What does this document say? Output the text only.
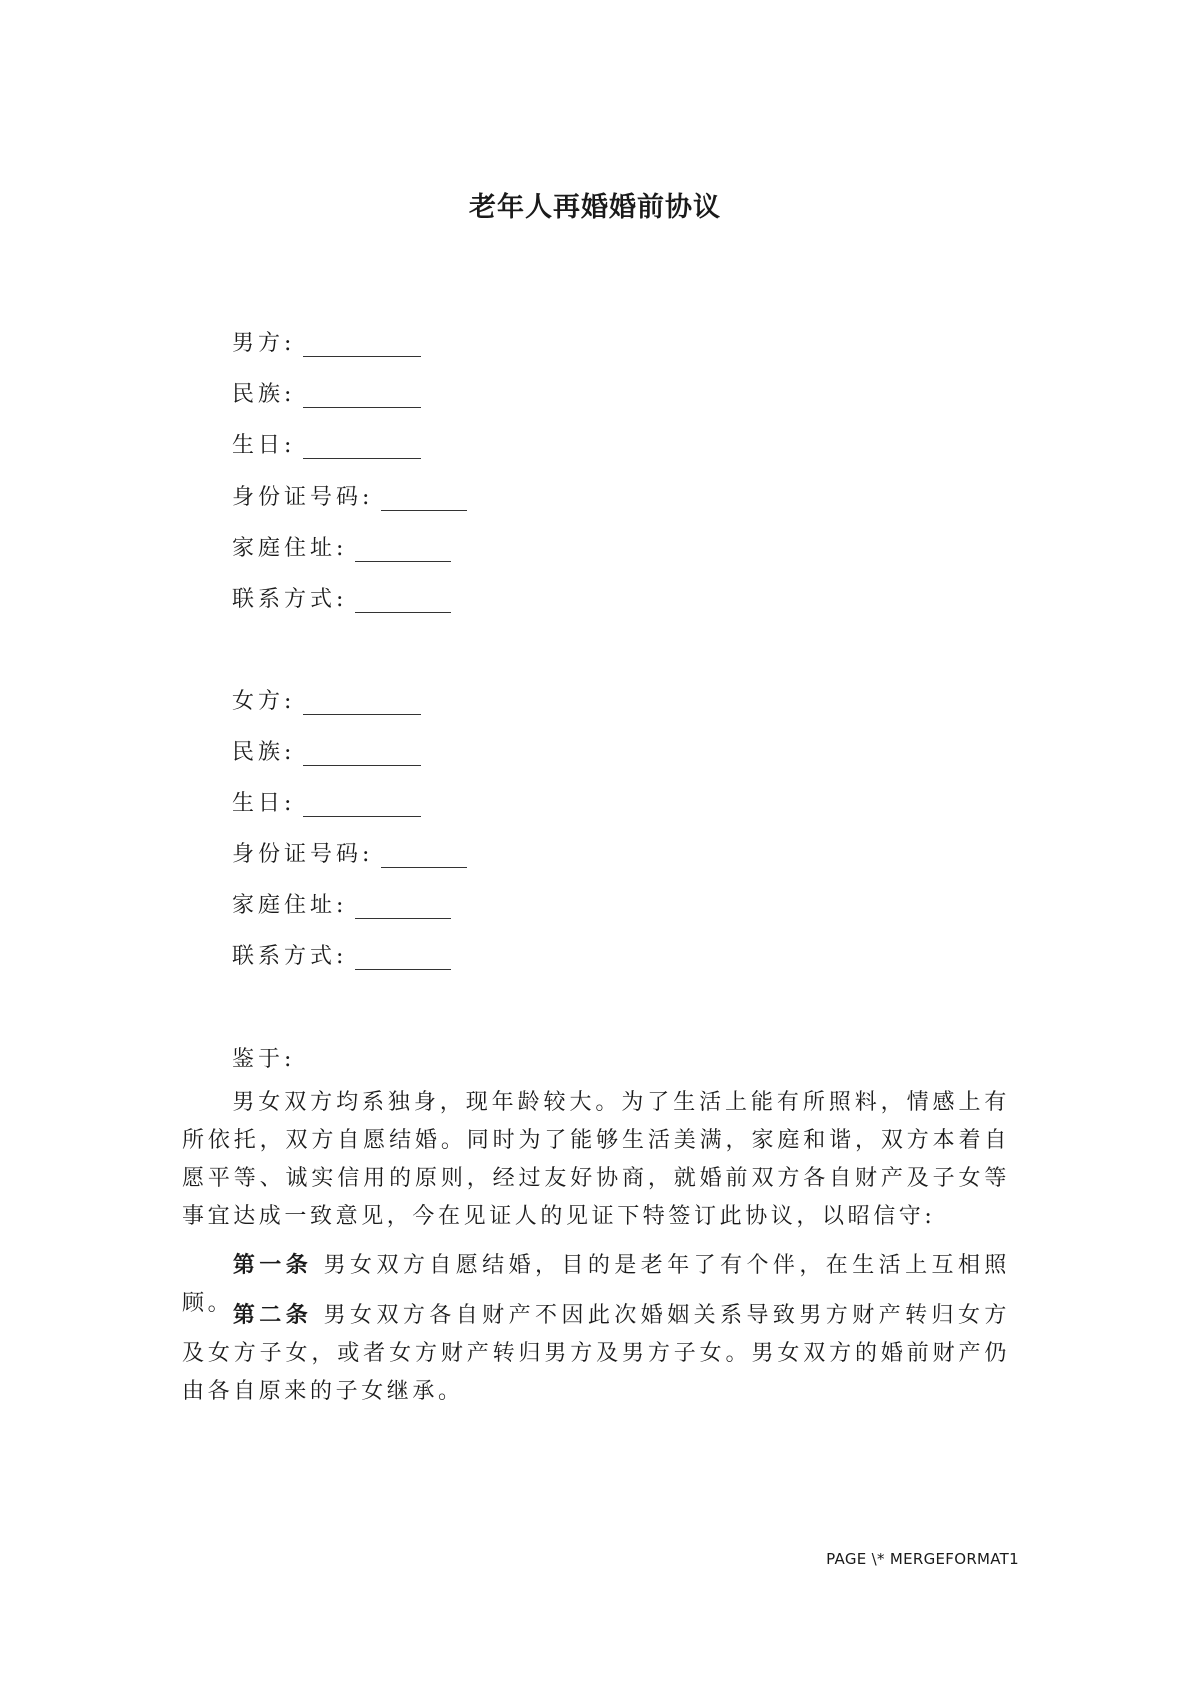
老年人再婚婚前协议
男方:
民族:
生日:
身份证号码:
家庭住址:
联系方式:
女方:
民族:
生日:
身份证号码:
家庭住址:
联系方式:
鉴于:
男女双方均系独身，现年龄较大。为了生活上能有所照料，情感上有所依托，双方自愿结婚。同时为了能够生活美满，家庭和谐，双方本着自愿平等、诚实信用的原则，经过友好协商，就婚前双方各自财产及子女等事宜达成一致意见，今在见证人的见证下特签订此协议，以昭信守:
第一条 男女双方自愿结婚，目的是老年了有个伴，在生活上互相照顾。
第二条 男女双方各自财产不因此次婚姻关系导致男方财产转归女方及女方子女，或者女方财产转归男方及男方子女。男女双方的婚前财产仍由各自原来的子女继承。
PAGE \* MERGEFORMAT1
